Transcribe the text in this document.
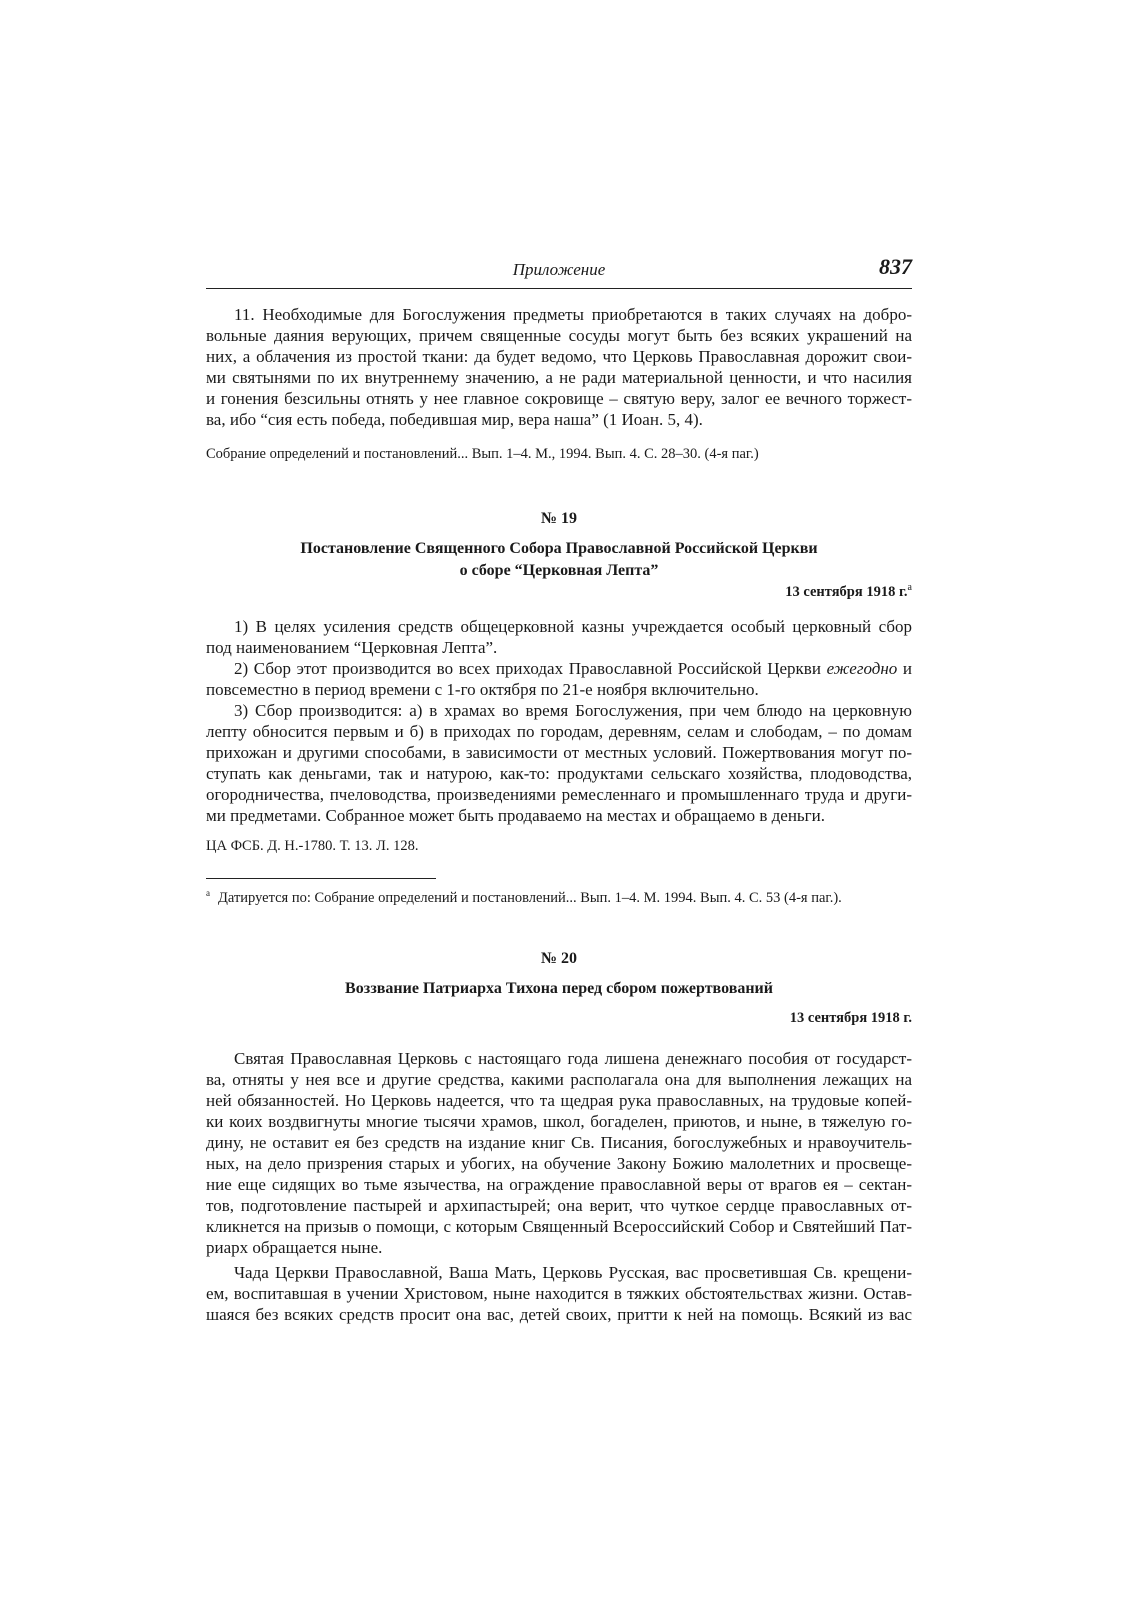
Приложение	837

11. Необходимые для Богослужения предметы приобретаются в таких случаях на добро-
вольные даяния верующих, причем священные сосуды могут быть без всяких украшений на
них, а облачения из простой ткани: да будет ведомо, что Церковь Православная дорожит свои-
ми святынями по их внутреннему значению, а не ради материальной ценности, и что насилия
и гонения безсильны отнять у нее главное сокровище – святую веру, залог ее вечного торжест-
ва, ибо “сия есть победа, победившая мир, вера наша” (1 Иоан. 5, 4).

Собрание определений и постановлений... Вып. 1–4. М., 1994. Вып. 4. С. 28–30. (4-я паг.)

№ 19

Постановление Священного Собора Православной Российской Церкви
о сборе “Церковная Лепта”

13 сентября 1918 г.$^а$

1) В целях усиления средств общецерковной казны учреждается особый церковный сбор
под наименованием “Церковная Лепта”.

2) Сбор этот производится во всех приходах Православной Российской Церкви ежегодно и
повсеместно в период времени с 1-го октября по 21-е ноября включительно.

3) Сбор производится: а) в храмах во время Богослужения, при чем блюдо на церковную
лепту обносится первым и б) в приходах по городам, деревням, селам и слободам, – по домам
прихожан и другими способами, в зависимости от местных условий. Пожертвования могут по-
ступать как деньгами, так и натурою, как-то: продуктами сельскаго хозяйства, плодоводства,
огородничества, пчеловодства, произведениями ремесленнаго и промышленнаго труда и други-
ми предметами. Собранное может быть продаваемо на местах и обращаемо в деньги.

ЦА ФСБ. Д. Н.-1780. Т. 13. Л. 128.

$^а$ Датируется по: Собрание определений и постановлений... Вып. 1–4. М. 1994. Вып. 4. С. 53 (4-я паг.).

№ 20

Воззвание Патриарха Тихона перед сбором пожертвований

13 сентября 1918 г.

Святая Православная Церковь с настоящаго года лишена денежнаго пособия от государст-
ва, отняты у нея все и другие средства, какими располагала она для выполнения лежащих на
ней обязанностей. Но Церковь надеется, что та щедрая рука православных, на трудовые копей-
ки коих воздвигнуты многие тысячи храмов, школ, богаделен, приютов, и ныне, в тяжелую го-
дину, не оставит ея без средств на издание книг Св. Писания, богослужебных и нравоучитель-
ных, на дело призрения старых и убогих, на обучение Закону Божию малолетних и просвеще-
ние еще сидящих во тьме язычества, на ограждение православной веры от врагов ея – сектан-
тов, подготовление пастырей и архипастырей; она верит, что чуткое сердце православных от-
кликнется на призыв о помощи, с которым Священный Всероссийский Собор и Святейший Пат-
риарх обращается ныне.

Чада Церкви Православной, Ваша Мать, Церковь Русская, вас просветившая Св. крещени-
ем, воспитавшая в учении Христовом, ныне находится в тяжких обстоятельствах жизни. Остав-
шаяся без всяких средств просит она вас, детей своих, притти к ней на помощь. Всякий из вас
